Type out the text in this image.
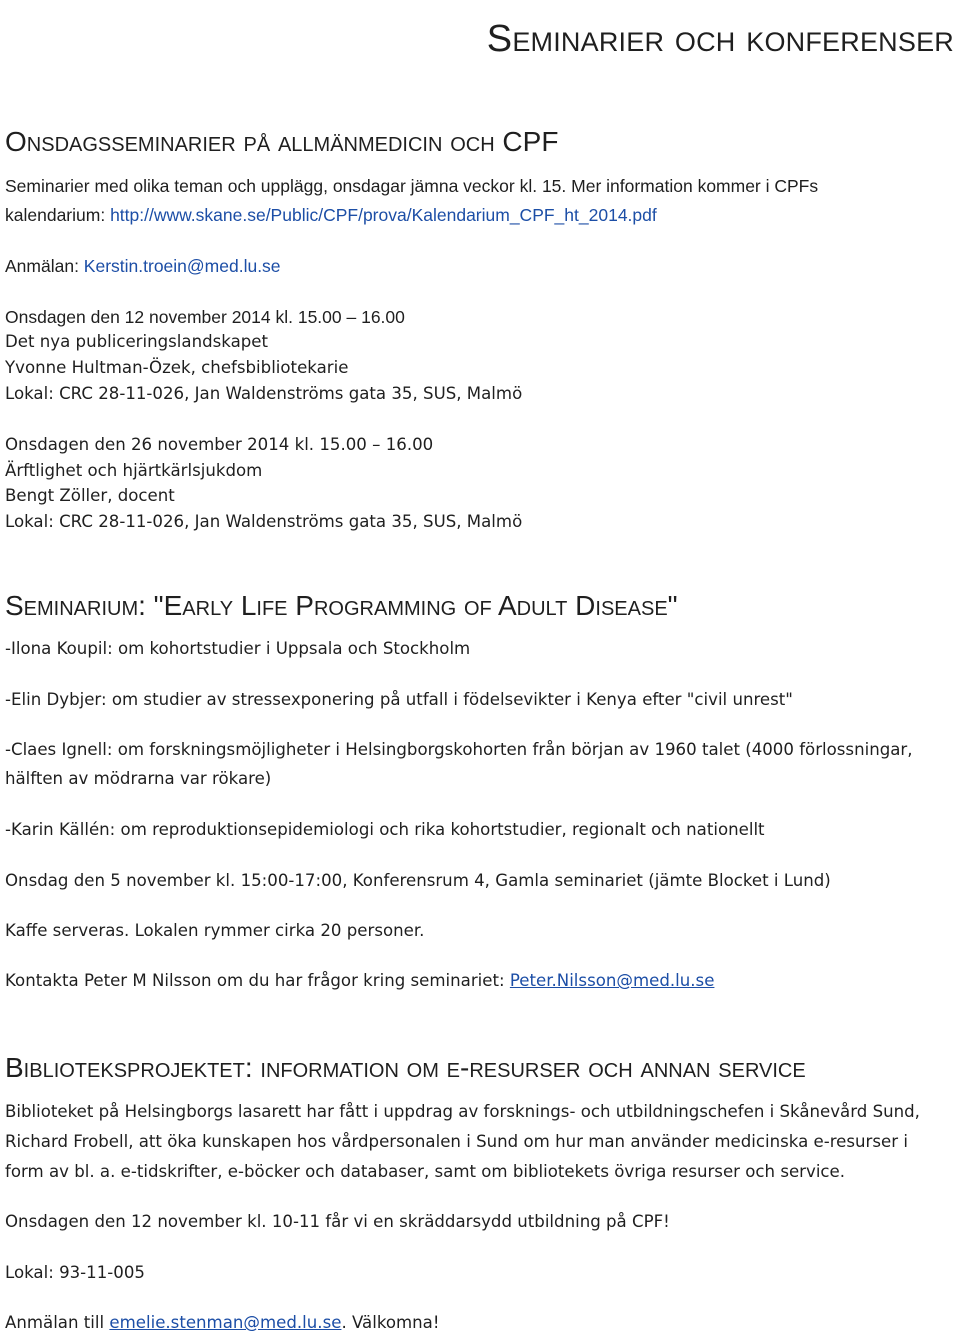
Seminarier och konferenser
Onsdagsseminarier på allmänmedicin och CPF
Seminarier med olika teman och upplägg, onsdagar jämna veckor kl. 15. Mer information kommer i CPFs
kalendarium: http://www.skane.se/Public/CPF/prova/Kalendarium_CPF_ht_2014.pdf
Anmälan: Kerstin.troein@med.lu.se
Onsdagen den 12 november 2014 kl. 15.00 – 16.00
Det nya publiceringslandskapet
Yvonne Hultman-Özek, chefsbibliotekarie
Lokal: CRC 28-11-026, Jan Waldenströms gata 35, SUS, Malmö
Onsdagen den 26 november 2014 kl. 15.00 – 16.00
Ärftlighet och hjärtkärlsjukdom
Bengt Zöller, docent
Lokal: CRC 28-11-026, Jan Waldenströms gata 35, SUS, Malmö
Seminarium: "Early Life Programming of Adult Disease"
-Ilona Koupil: om kohortstudier i Uppsala och Stockholm
-Elin Dybjer: om studier av stressexponering på utfall i födelsevikter i Kenya efter "civil unrest"
-Claes Ignell: om forskningsmöjligheter i Helsingborgskohorten från början av 1960 talet (4000 förlossningar,
hälften av mödrarna var rökare)
-Karin Källén: om reproduktionsepidemiologi och rika kohortstudier, regionalt och nationellt
Onsdag den 5 november kl. 15:00-17:00, Konferensrum 4, Gamla seminariet (jämte Blocket i Lund)
Kaffe serveras. Lokalen rymmer cirka 20 personer.
Kontakta Peter M Nilsson om du har frågor kring seminariet: Peter.Nilsson@med.lu.se
Biblioteksprojektet: information om e-resurser och annan service
Biblioteket på Helsingborgs lasarett har fått i uppdrag av forsknings- och utbildningschefen i Skånevård Sund,
Richard Frobell, att öka kunskapen hos vårdpersonalen i Sund om hur man använder medicinska e-resurser i
form av bl. a. e-tidskrifter, e-böcker och databaser, samt om bibliotekets övriga resurser och service.
Onsdagen den 12 november kl. 10-11 får vi en skräddarsydd utbildning på CPF!
Lokal: 93-11-005
Anmälan till emelie.stenman@med.lu.se. Välkomna!
